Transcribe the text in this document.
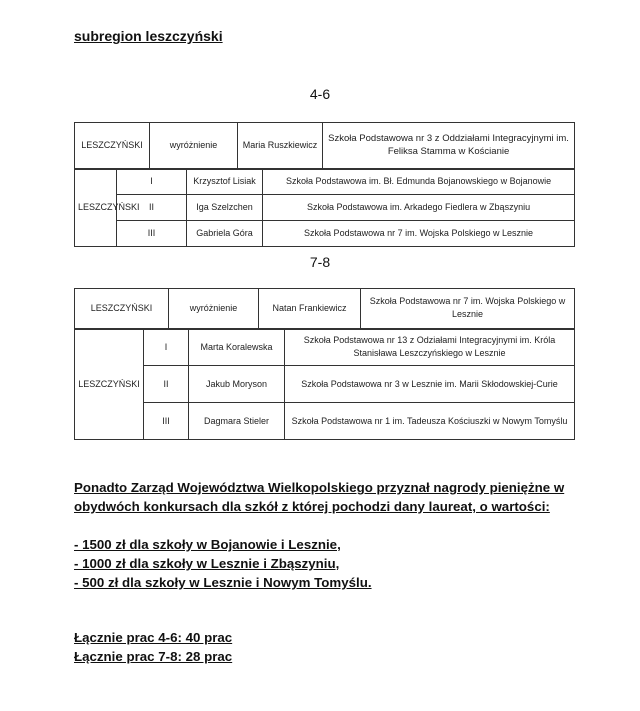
subregion leszczyński
4-6
LESZCZYŃSKI		wyróżnienie		Maria Ruszkiewicz		Szkoła Podstawowa nr 3 z Oddziałami Integracyjnymi im. Feliksa Stamma w Kościanie
LESZCZYŃSKI	I		Krzysztof Lisiak		Szkoła Podstawowa im. Bł. Edmunda Bojanowskiego w Bojanowie	
	II		Iga Szelzchen		Szkoła Podstawowa im. Arkadego Fiedlera w Zbąszyniu	
	III		Gabriela Góra		Szkoła Podstawowa nr 7 im. Wojska Polskiego w Lesznie	
7-8
LESZCZYŃSKI		wyróżnienie		Natan Frankiewicz		Szkoła Podstawowa nr 7 im. Wojska Polskiego w Lesznie
LESZCZYŃSKI	I		Marta Koralewska		Szkoła Podstawowa nr 13 z Odziałami Integracyjnymi im. Króla Stanisława Leszczyńskiego w Lesznie	
	II		Jakub Moryson		Szkoła Podstawowa nr 3 w Lesznie im. Marii Skłodowskiej-Curie	
	III		Dagmara Stieler		Szkoła Podstawowa nr 1 im. Tadeusza Kościuszki w Nowym Tomyślu	
Ponadto Zarząd Województwa Wielkopolskiego przyznał nagrody pieniężne w
obydwóch konkursach dla szkół z której pochodzi dany laureat, o wartości:
- 1500 zł dla szkoły w Bojanowie i Lesznie,
- 1000 zł dla szkoły w Lesznie i Zbąszyniu,
- 500 zł dla szkoły w Lesznie i Nowym Tomyślu.
Łącznie prac 4-6: 40 prac
Łącznie prac 7-8: 28 prac
